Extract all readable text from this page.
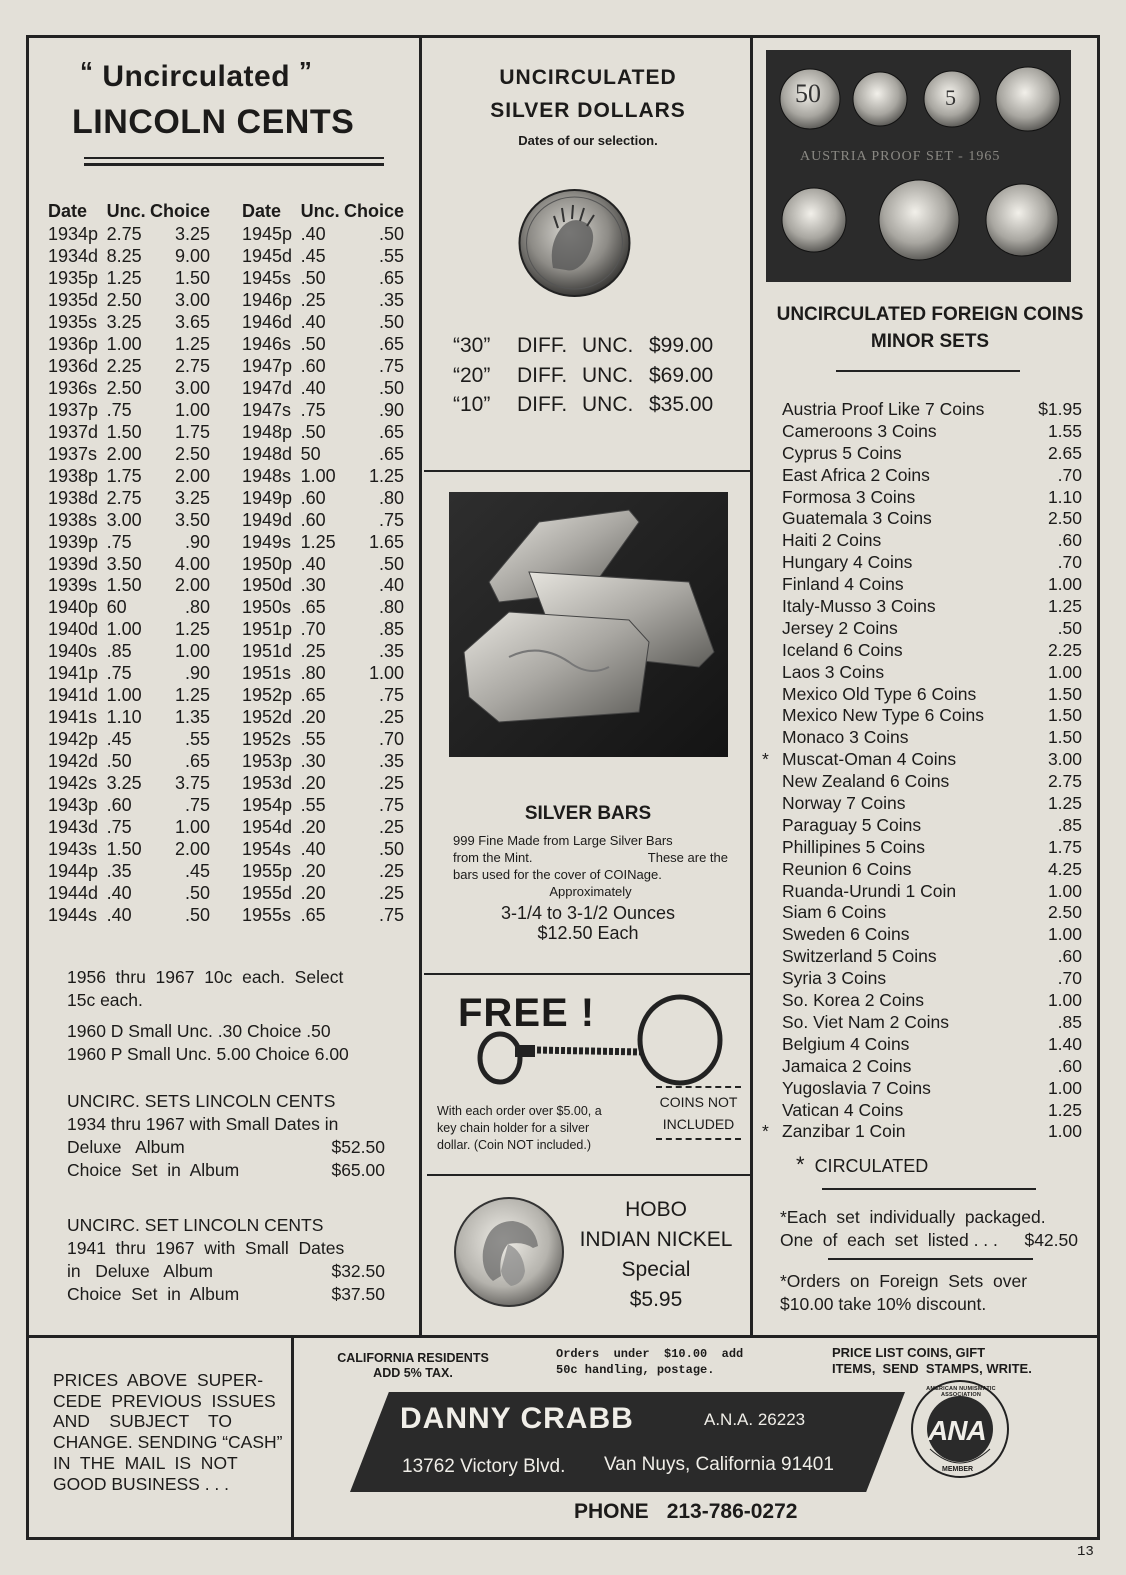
“ Uncirculated ”
LINCOLN CENTS
Date	Unc.	Choice
1934p	2.75	3.25
1934d	8.25	9.00
1935p	1.25	1.50
1935d	2.50	3.00
1935s	3.25	3.65
1936p	1.00	1.25
1936d	2.25	2.75
1936s	2.50	3.00
1937p	.75	1.00
1937d	1.50	1.75
1937s	2.00	2.50
1938p	1.75	2.00
1938d	2.75	3.25
1938s	3.00	3.50
1939p	.75	.90
1939d	3.50	4.00
1939s	1.50	2.00
1940p	60	.80
1940d	1.00	1.25
1940s	.85	1.00
1941p	.75	.90
1941d	1.00	1.25
1941s	1.10	1.35
1942p	.45	.55
1942d	.50	.65
1942s	3.25	3.75
1943p	.60	.75
1943d	.75	1.00
1943s	1.50	2.00
1944p	.35	.45
1944d	.40	.50
1944s	.40	.50
Date	Unc.	Choice
1945p	.40	.50
1945d	.45	.55
1945s	.50	.65
1946p	.25	.35
1946d	.40	.50
1946s	.50	.65
1947p	.60	.75
1947d	.40	.50
1947s	.75	.90
1948p	.50	.65
1948d	50	.65
1948s	1.00	1.25
1949p	.60	.80
1949d	.60	.75
1949s	1.25	1.65
1950p	.40	.50
1950d	.30	.40
1950s	.65	.80
1951p	.70	.85
1951d	.25	.35
1951s	.80	1.00
1952p	.65	.75
1952d	.20	.25
1952s	.55	.70
1953p	.30	.35
1953d	.20	.25
1954p	.55	.75
1954d	.20	.25
1954s	.40	.50
1955p	.20	.25
1955d	.20	.25
1955s	.65	.75
1956  thru  1967  10c  each.  Select
15c each.
1960 D Small Unc. .30 Choice .50
1960 P Small Unc. 5.00 Choice 6.00
UNCIRC. SETS LINCOLN CENTS
1934 thru 1967 with Small Dates in
Deluxe   Album	$52.50
Choice  Set  in  Album	$65.00
UNCIRC. SET LINCOLN CENTS
1941  thru  1967  with  Small  Dates
in   Deluxe   Album	$32.50
Choice  Set  in  Album	$37.50
UNCIRCULATED
SILVER DOLLARS
Dates of our selection.
“30”	DIFF. UNC. $99.00
“20”	DIFF. UNC. $69.00
“10”	DIFF. UNC. $35.00
SILVER BARS
999 Fine Made from Large Silver Bars
from the Mint.	These are the
bars used for the cover of COINage.
Approximately
3-1/4 to 3-1/2 Ounces
$12.50 Each
FREE !
With each order over $5.00, a
key chain holder for a silver
dollar. (Coin NOT included.)
COINS NOT
INCLUDED
HOBO
INDIAN NICKEL
Special
$5.95
50	5
AUSTRIA PROOF SET - 1965
UNCIRCULATED FOREIGN COINS
MINOR SETS
Austria Proof Like 7 Coins	$1.95
Cameroons 3 Coins	1.55
Cyprus 5 Coins	2.65
East Africa 2 Coins	.70
Formosa 3 Coins	1.10
Guatemala 3 Coins	2.50
Haiti 2 Coins	.60
Hungary 4 Coins	.70
Finland 4 Coins	1.00
Italy-Musso 3 Coins	1.25
Jersey 2 Coins	.50
Iceland 6 Coins	2.25
Laos 3 Coins	1.00
Mexico Old Type 6 Coins	1.50
Mexico New Type 6 Coins	1.50
Monaco 3 Coins	1.50
* Muscat-Oman 4 Coins	3.00
New Zealand 6 Coins	2.75
Norway 7 Coins	1.25
Paraguay 5 Coins	.85
Phillipines 5 Coins	1.75
Reunion 6 Coins	4.25
Ruanda-Urundi 1 Coin	1.00
Siam 6 Coins	2.50
Sweden 6 Coins	1.00
Switzerland 5 Coins	.60
Syria 3 Coins	.70
So. Korea 2 Coins	1.00
So. Viet Nam 2 Coins	.85
Belgium 4 Coins	1.40
Jamaica 2 Coins	.60
Yugoslavia 7 Coins	1.00
Vatican 4 Coins	1.25
* Zanzibar 1 Coin	1.00
* CIRCULATED
*Each  set  individually  packaged.
One  of  each  set  listed . . . $42.50
*Orders  on  Foreign  Sets  over
$10.00 take 10% discount.
PRICES  ABOVE  SUPER-
CEDE  PREVIOUS  ISSUES
AND    SUBJECT    TO
CHANGE. SENDING “CASH”
IN  THE  MAIL  IS  NOT
GOOD BUSINESS . . .
CALIFORNIA RESIDENTS
ADD 5% TAX.
Orders  under  $10.00  add
50c handling, postage.
PRICE LIST COINS, GIFT
ITEMS,  SEND  STAMPS, WRITE.
DANNY CRABB	A.N.A. 26223
13762 Victory Blvd. Van Nuys, California 91401
PHONE 213-786-0272
ANA
AMERICAN NUMISMATIC ASSOCIATION
MEMBER
13
